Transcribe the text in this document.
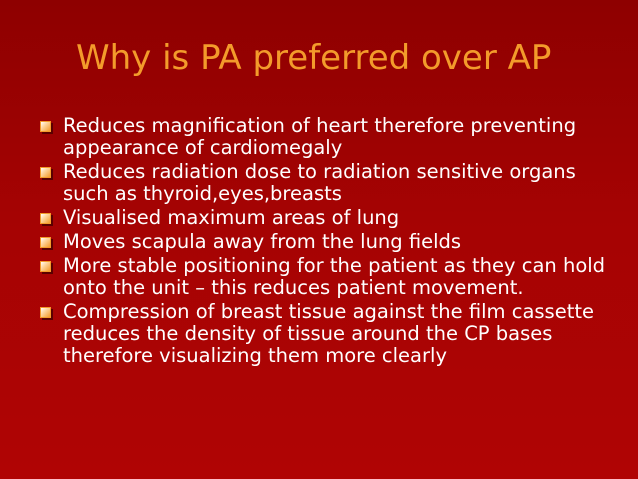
Why is PA preferred over AP
Reduces magnification of heart therefore preventing appearance of cardiomegaly
Reduces radiation dose to radiation sensitive organs such as thyroid,eyes,breasts
Visualised maximum areas of lung
Moves scapula away from the lung fields
More stable positioning for the patient as they can hold onto the unit – this reduces patient movement.
Compression of breast tissue against the film cassette reduces the density of tissue around the CP bases therefore visualizing them more clearly
